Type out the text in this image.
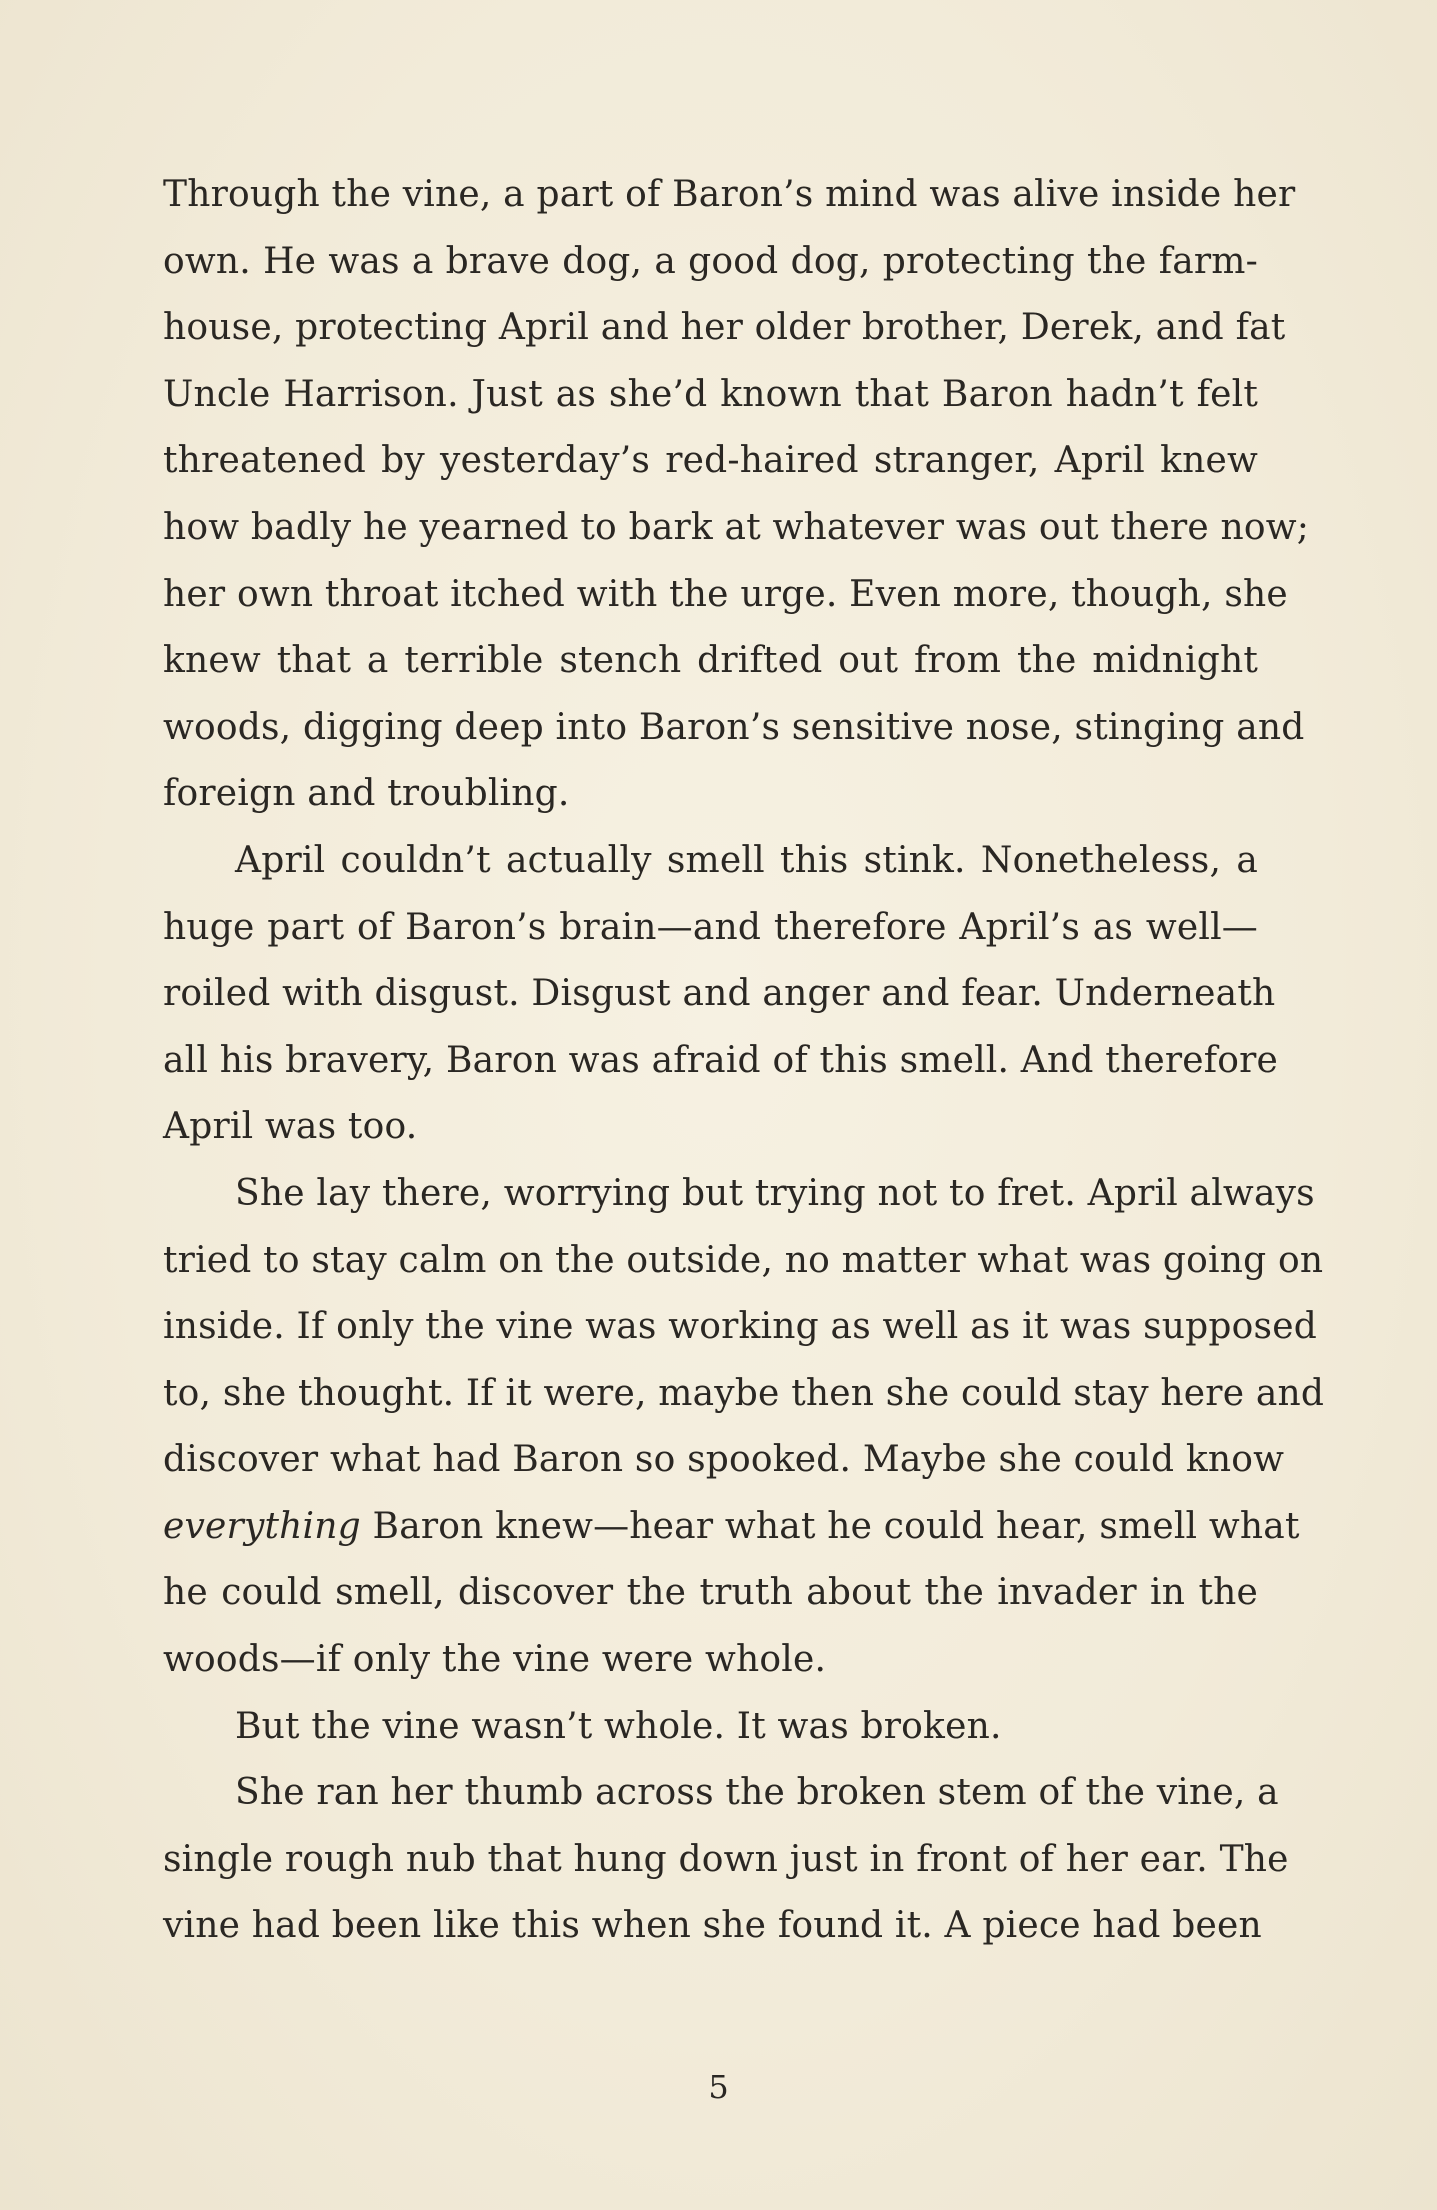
Through the vine, a part of Baron’s mind was alive inside her
own. He was a brave dog, a good dog, protecting the farm-
house, protecting April and her older brother, Derek, and fat
Uncle Harrison. Just as she’d known that Baron hadn’t felt
threatened by yesterday’s red-haired stranger, April knew
how badly he yearned to bark at whatever was out there now;
her own throat itched with the urge. Even more, though, she
knew that a terrible stench drifted out from the midnight
woods, digging deep into Baron’s sensitive nose, stinging and
foreign and troubling.
April couldn’t actually smell this stink. Nonetheless, a
huge part of Baron’s brain—and therefore April’s as well—
roiled with disgust. Disgust and anger and fear. Underneath
all his bravery, Baron was afraid of this smell. And therefore
April was too.
She lay there, worrying but trying not to fret. April always
tried to stay calm on the outside, no matter what was going on
inside. If only the vine was working as well as it was supposed
to, she thought. If it were, maybe then she could stay here and
discover what had Baron so spooked. Maybe she could know
everything Baron knew—hear what he could hear, smell what
he could smell, discover the truth about the invader in the
woods—if only the vine were whole.
But the vine wasn’t whole. It was broken.
She ran her thumb across the broken stem of the vine, a
single rough nub that hung down just in front of her ear. The
vine had been like this when she found it. A piece had been
5
